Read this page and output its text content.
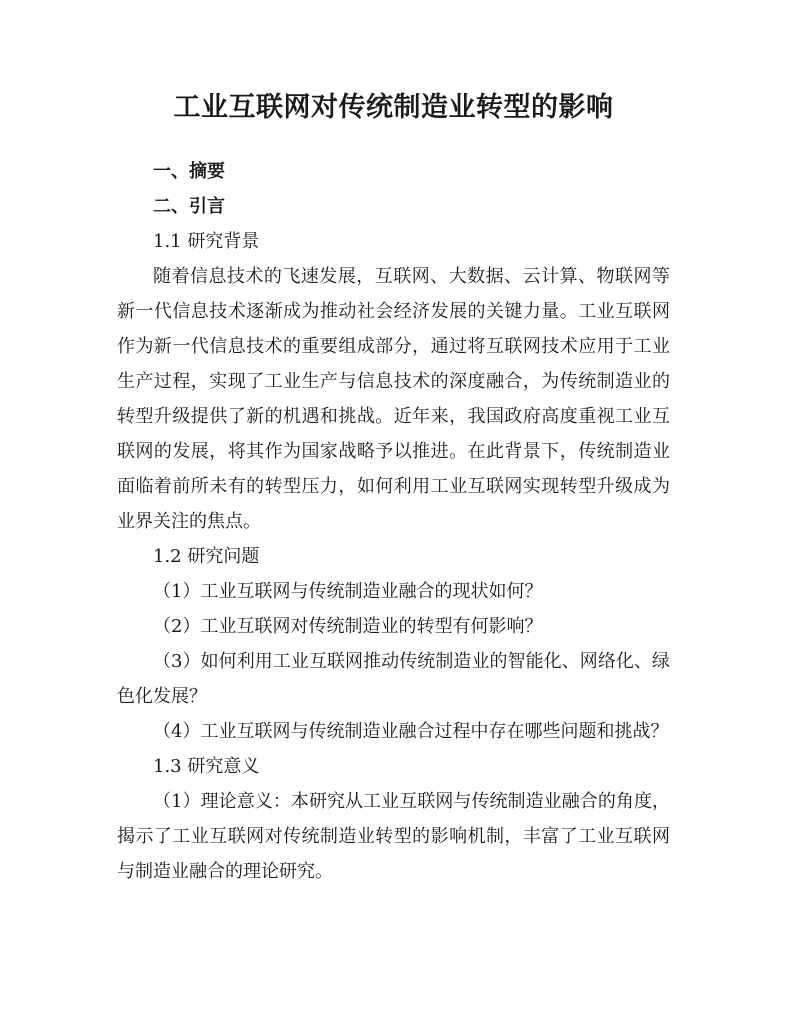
工业互联网对传统制造业转型的影响

一、摘要

二、引言

1.1 研究背景

随着信息技术的飞速发展，互联网、大数据、云计算、物联网等新一代信息技术逐渐成为推动社会经济发展的关键力量。工业互联网作为新一代信息技术的重要组成部分，通过将互联网技术应用于工业生产过程，实现了工业生产与信息技术的深度融合，为传统制造业的转型升级提供了新的机遇和挑战。近年来，我国政府高度重视工业互联网的发展，将其作为国家战略予以推进。在此背景下，传统制造业面临着前所未有的转型压力，如何利用工业互联网实现转型升级成为业界关注的焦点。

1.2 研究问题

（1）工业互联网与传统制造业融合的现状如何？

（2）工业互联网对传统制造业的转型有何影响？

（3）如何利用工业互联网推动传统制造业的智能化、网络化、绿色化发展？

（4）工业互联网与传统制造业融合过程中存在哪些问题和挑战？

1.3 研究意义

（1）理论意义：本研究从工业互联网与传统制造业融合的角度，揭示了工业互联网对传统制造业转型的影响机制，丰富了工业互联网与制造业融合的理论研究。
